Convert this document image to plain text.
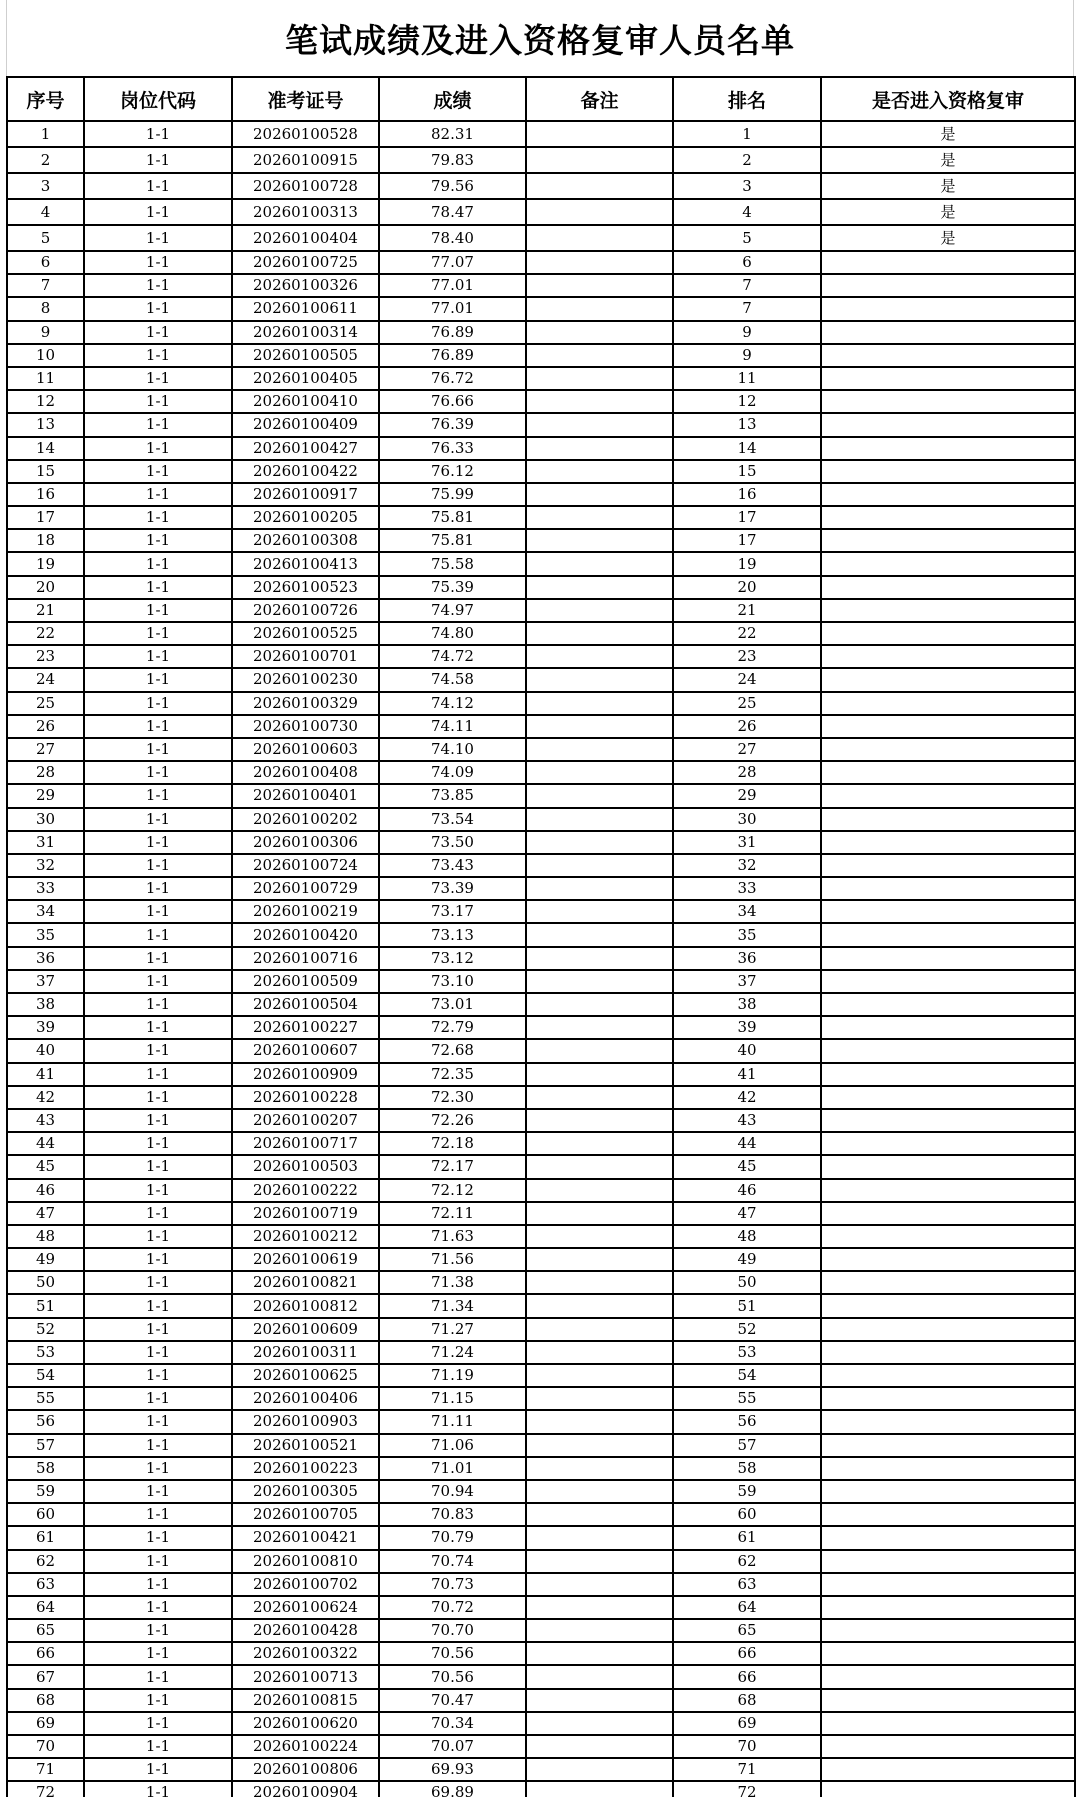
笔试成绩及进入资格复审人员名单
序号	岗位代码	准考证号	成绩	备注	排名	是否进入资格复审
1	1-1	20260100528	82.31		1	是
2	1-1	20260100915	79.83		2	是
3	1-1	20260100728	79.56		3	是
4	1-1	20260100313	78.47		4	是
5	1-1	20260100404	78.40		5	是
6	1-1	20260100725	77.07		6	
7	1-1	20260100326	77.01		7	
8	1-1	20260100611	77.01		7	
9	1-1	20260100314	76.89		9	
10	1-1	20260100505	76.89		9	
11	1-1	20260100405	76.72		11	
12	1-1	20260100410	76.66		12	
13	1-1	20260100409	76.39		13	
14	1-1	20260100427	76.33		14	
15	1-1	20260100422	76.12		15	
16	1-1	20260100917	75.99		16	
17	1-1	20260100205	75.81		17	
18	1-1	20260100308	75.81		17	
19	1-1	20260100413	75.58		19	
20	1-1	20260100523	75.39		20	
21	1-1	20260100726	74.97		21	
22	1-1	20260100525	74.80		22	
23	1-1	20260100701	74.72		23	
24	1-1	20260100230	74.58		24	
25	1-1	20260100329	74.12		25	
26	1-1	20260100730	74.11		26	
27	1-1	20260100603	74.10		27	
28	1-1	20260100408	74.09		28	
29	1-1	20260100401	73.85		29	
30	1-1	20260100202	73.54		30	
31	1-1	20260100306	73.50		31	
32	1-1	20260100724	73.43		32	
33	1-1	20260100729	73.39		33	
34	1-1	20260100219	73.17		34	
35	1-1	20260100420	73.13		35	
36	1-1	20260100716	73.12		36	
37	1-1	20260100509	73.10		37	
38	1-1	20260100504	73.01		38	
39	1-1	20260100227	72.79		39	
40	1-1	20260100607	72.68		40	
41	1-1	20260100909	72.35		41	
42	1-1	20260100228	72.30		42	
43	1-1	20260100207	72.26		43	
44	1-1	20260100717	72.18		44	
45	1-1	20260100503	72.17		45	
46	1-1	20260100222	72.12		46	
47	1-1	20260100719	72.11		47	
48	1-1	20260100212	71.63		48	
49	1-1	20260100619	71.56		49	
50	1-1	20260100821	71.38		50	
51	1-1	20260100812	71.34		51	
52	1-1	20260100609	71.27		52	
53	1-1	20260100311	71.24		53	
54	1-1	20260100625	71.19		54	
55	1-1	20260100406	71.15		55	
56	1-1	20260100903	71.11		56	
57	1-1	20260100521	71.06		57	
58	1-1	20260100223	71.01		58	
59	1-1	20260100305	70.94		59	
60	1-1	20260100705	70.83		60	
61	1-1	20260100421	70.79		61	
62	1-1	20260100810	70.74		62	
63	1-1	20260100702	70.73		63	
64	1-1	20260100624	70.72		64	
65	1-1	20260100428	70.70		65	
66	1-1	20260100322	70.56		66	
67	1-1	20260100713	70.56		66	
68	1-1	20260100815	70.47		68	
69	1-1	20260100620	70.34		69	
70	1-1	20260100224	70.07		70	
71	1-1	20260100806	69.93		71	
72	1-1	20260100904	69.89		72	
